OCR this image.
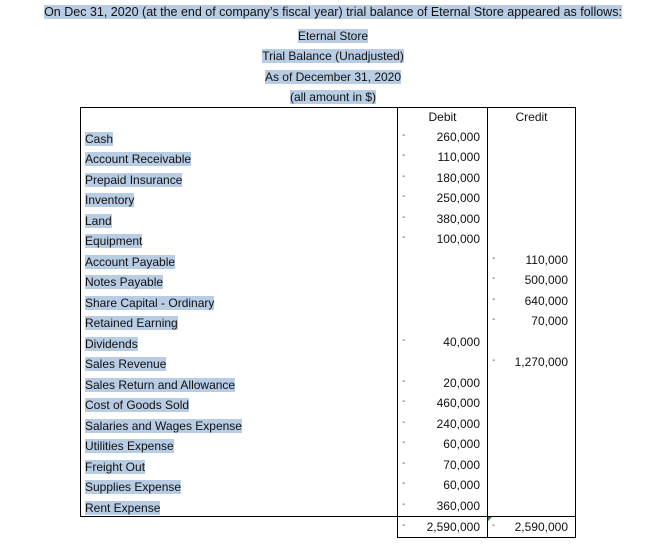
On Dec 31, 2020 (at the end of company’s fiscal year) trial balance of Eternal Store appeared as follows:
Eternal Store
Trial Balance (Unadjusted)
As of December 31, 2020
(all amount in $)
	Debit	Credit
Cash	- 260,000	

Account Receivable	- 110,000	

Prepaid Insurance	- 180,000	

Inventory	- 250,000	

Land	- 380,000	

Equipment	- 100,000	

Account Payable		- 110,000

Notes Payable		- 500,000

Share Capital - Ordinary		- 640,000

Retained Earning		- 70,000

Dividends	- 40,000	

Sales Revenue		- 1,270,000

Sales Return and Allowance	- 20,000	

Cost of Goods Sold	- 460,000	

Salaries and Wages Expense	- 240,000	

Utilities Expense	- 60,000	

Freight Out	- 70,000	

Supplies Expense	- 60,000	

Rent Expense	- 360,000	

	- 2,590,000	- 2,590,000
